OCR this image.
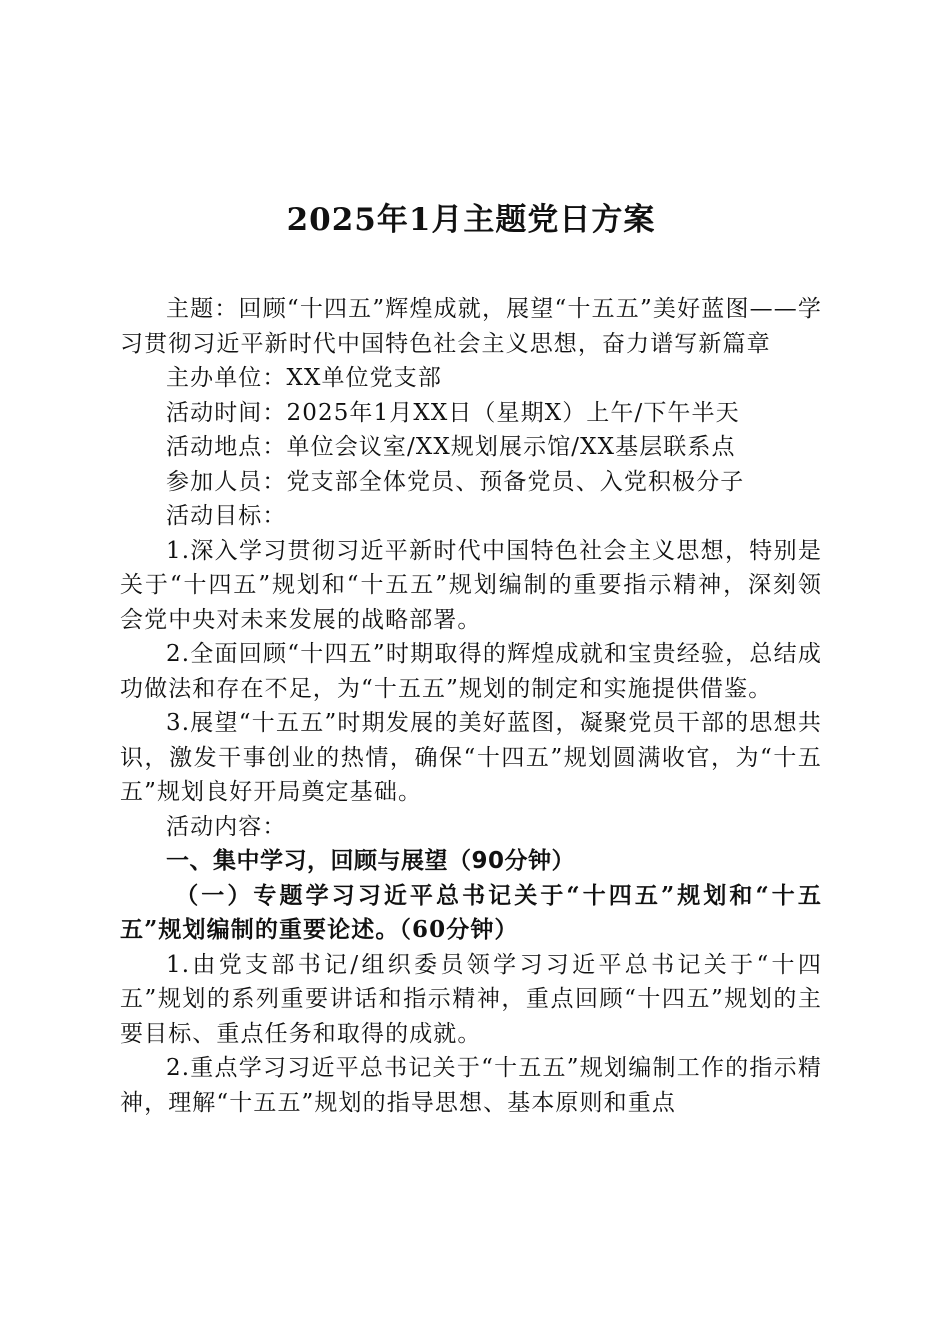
2025年1月主题党日方案

主题：回顾“十四五”辉煌成就，展望“十五五”美好蓝图——学习贯彻习近平新时代中国特色社会主义思想，奋力谱写新篇章

主办单位：XX单位党支部

活动时间：2025年1月XX日（星期X）上午/下午半天

活动地点：单位会议室/XX规划展示馆/XX基层联系点

参加人员：党支部全体党员、预备党员、入党积极分子

活动目标：

1.深入学习贯彻习近平新时代中国特色社会主义思想，特别是关于“十四五”规划和“十五五”规划编制的重要指示精神，深刻领会党中央对未来发展的战略部署。

2.全面回顾“十四五”时期取得的辉煌成就和宝贵经验，总结成功做法和存在不足，为“十五五”规划的制定和实施提供借鉴。

3.展望“十五五”时期发展的美好蓝图，凝聚党员干部的思想共识，激发干事创业的热情，确保“十四五”规划圆满收官，为“十五五”规划良好开局奠定基础。

活动内容：

一、集中学习，回顾与展望（90分钟）

（一）专题学习习近平总书记关于“十四五”规划和“十五五”规划编制的重要论述。（60分钟）

1.由党支部书记/组织委员领学习习近平总书记关于“十四五”规划的系列重要讲话和指示精神，重点回顾“十四五”规划的主要目标、重点任务和取得的成就。

2.重点学习习近平总书记关于“十五五”规划编制工作的指示精神，理解“十五五”规划的指导思想、基本原则和重点
